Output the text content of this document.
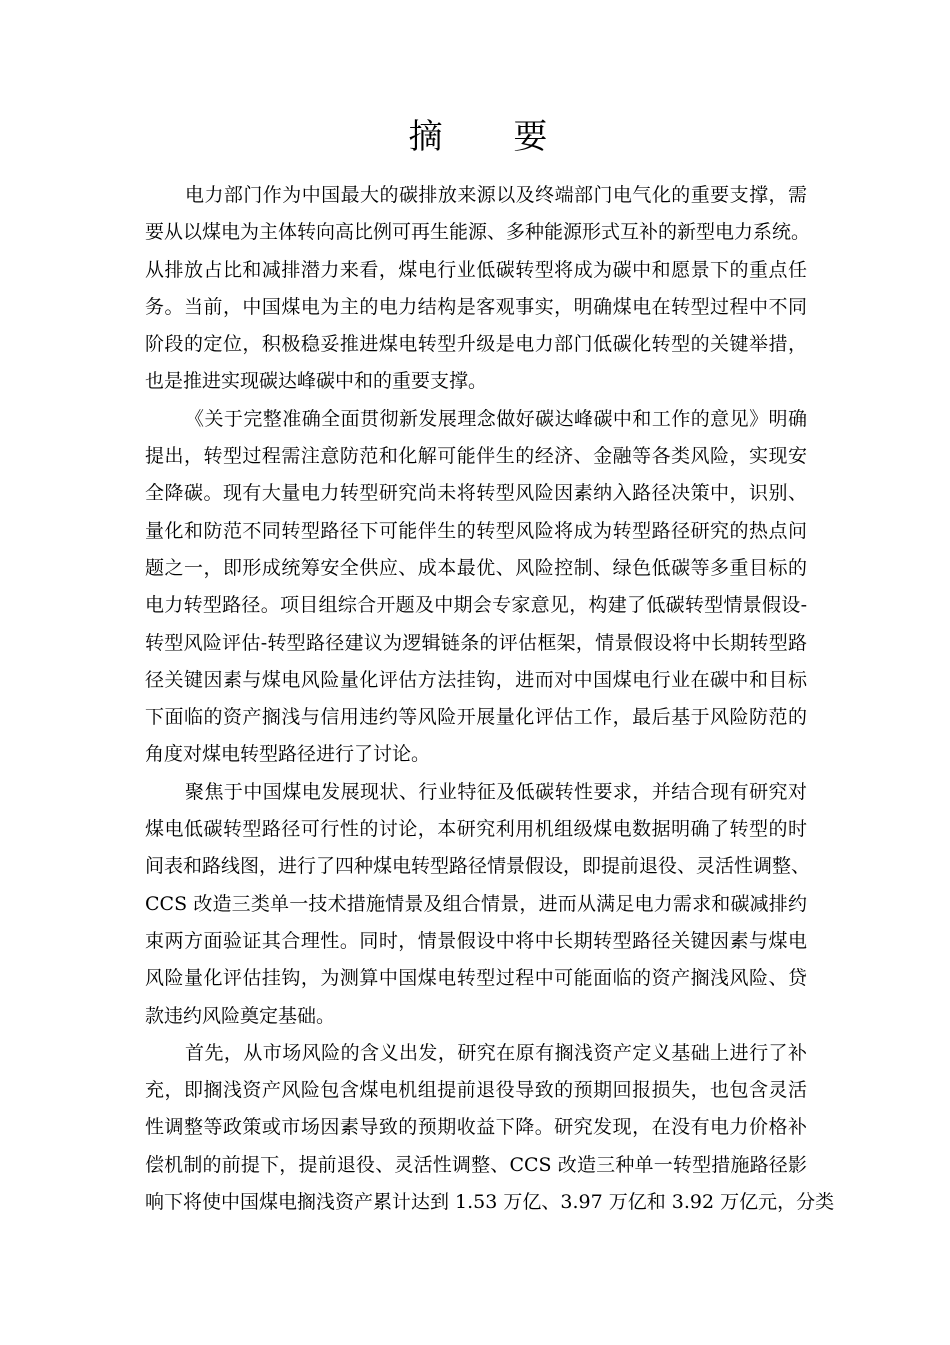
摘 要
电力部门作为中国最大的碳排放来源以及终端部门电气化的重要支撑，需
要从以煤电为主体转向高比例可再生能源、多种能源形式互补的新型电力系统。
从排放占比和减排潜力来看，煤电行业低碳转型将成为碳中和愿景下的重点任
务。当前，中国煤电为主的电力结构是客观事实，明确煤电在转型过程中不同
阶段的定位，积极稳妥推进煤电转型升级是电力部门低碳化转型的关键举措，
也是推进实现碳达峰碳中和的重要支撑。
《关于完整准确全面贯彻新发展理念做好碳达峰碳中和工作的意见》明确
提出，转型过程需注意防范和化解可能伴生的经济、金融等各类风险，实现安
全降碳。现有大量电力转型研究尚未将转型风险因素纳入路径决策中，识别、
量化和防范不同转型路径下可能伴生的转型风险将成为转型路径研究的热点问
题之一，即形成统筹安全供应、成本最优、风险控制、绿色低碳等多重目标的
电力转型路径。项目组综合开题及中期会专家意见，构建了低碳转型情景假设-
转型风险评估-转型路径建议为逻辑链条的评估框架，情景假设将中长期转型路
径关键因素与煤电风险量化评估方法挂钩，进而对中国煤电行业在碳中和目标
下面临的资产搁浅与信用违约等风险开展量化评估工作，最后基于风险防范的
角度对煤电转型路径进行了讨论。
聚焦于中国煤电发展现状、行业特征及低碳转性要求，并结合现有研究对
煤电低碳转型路径可行性的讨论，本研究利用机组级煤电数据明确了转型的时
间表和路线图，进行了四种煤电转型路径情景假设，即提前退役、灵活性调整、
CCS 改造三类单一技术措施情景及组合情景，进而从满足电力需求和碳减排约
束两方面验证其合理性。同时，情景假设中将中长期转型路径关键因素与煤电
风险量化评估挂钩，为测算中国煤电转型过程中可能面临的资产搁浅风险、贷
款违约风险奠定基础。
首先，从市场风险的含义出发，研究在原有搁浅资产定义基础上进行了补
充，即搁浅资产风险包含煤电机组提前退役导致的预期回报损失，也包含灵活
性调整等政策或市场因素导致的预期收益下降。研究发现，在没有电力价格补
偿机制的前提下，提前退役、灵活性调整、CCS 改造三种单一转型措施路径影
响下将使中国煤电搁浅资产累计达到 1.53 万亿、3.97 万亿和 3.92 万亿元，分类
